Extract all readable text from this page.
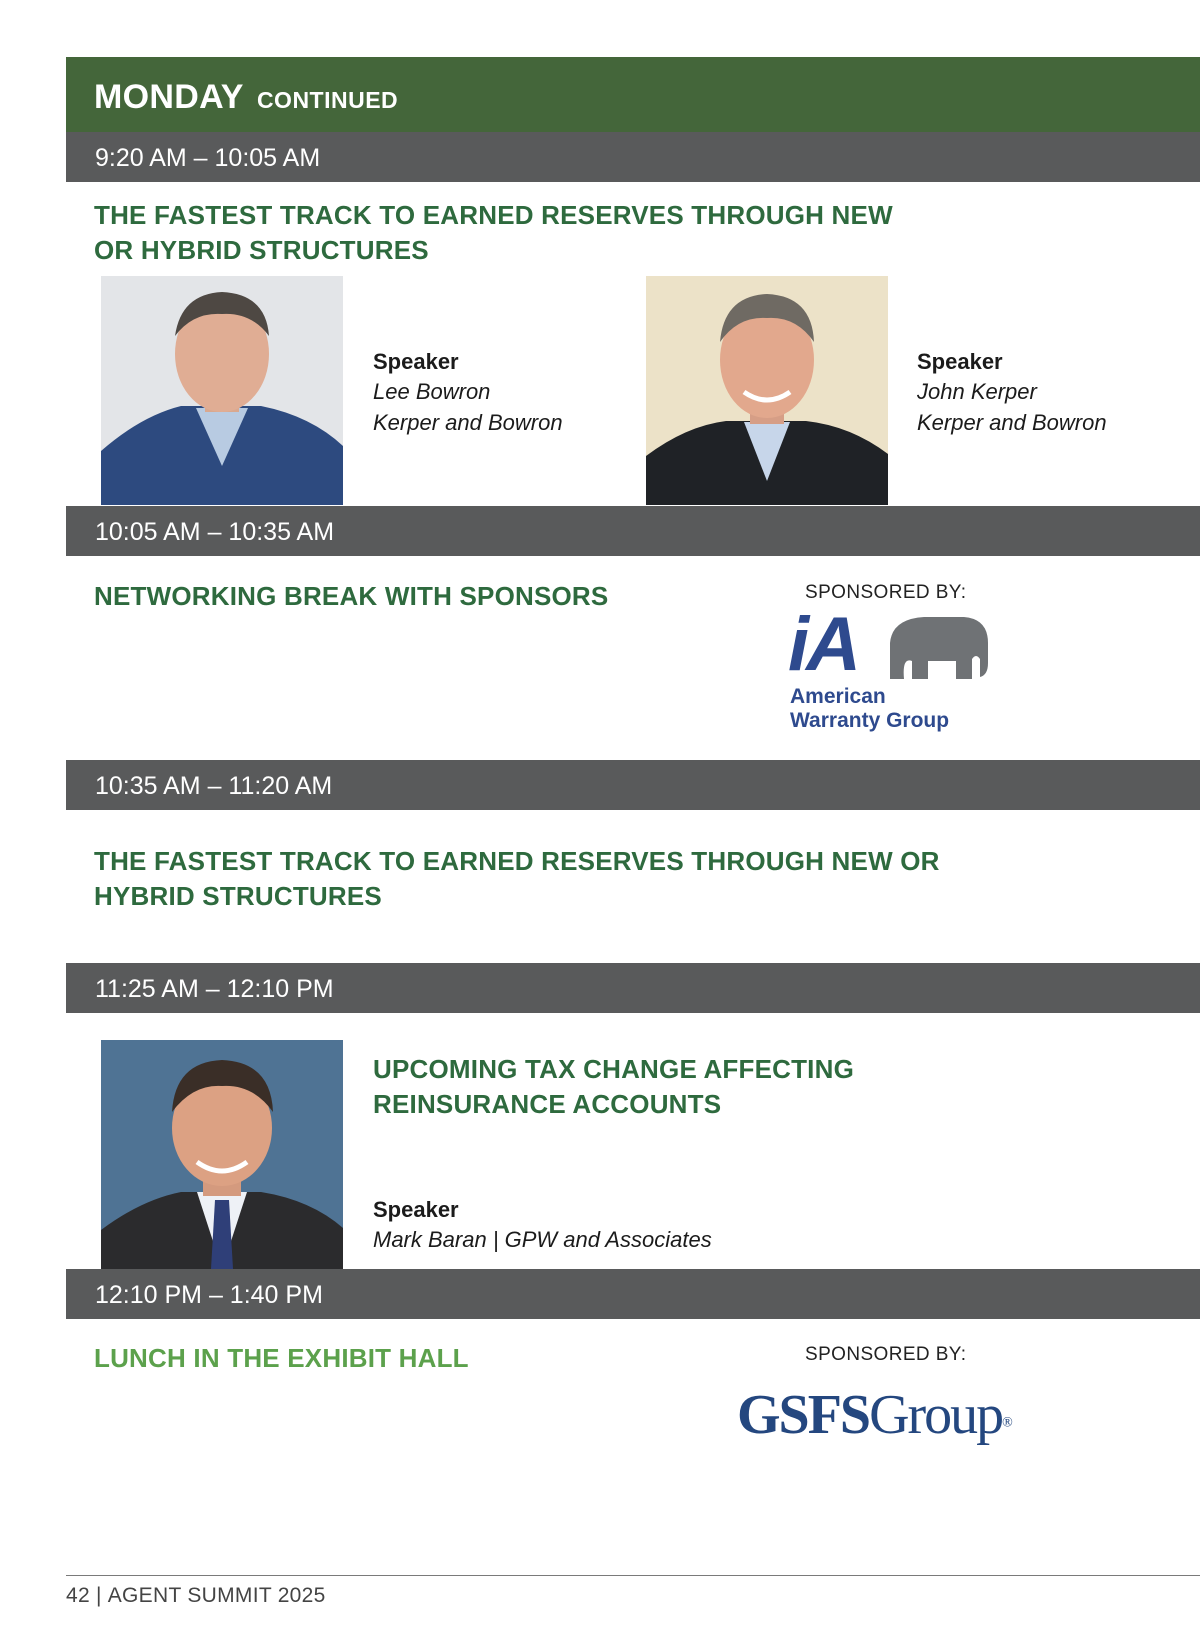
MONDAY CONTINUED
9:20 AM – 10:05 AM
THE FASTEST TRACK TO EARNED RESERVES THROUGH NEW
OR HYBRID STRUCTURES
Speaker
Lee Bowron
Kerper and Bowron
Speaker
John Kerper
Kerper and Bowron
10:05 AM – 10:35 AM
NETWORKING BREAK WITH SPONSORS	SPONSORED BY:
iA
American
Warranty Group
10:35 AM – 11:20 AM
THE FASTEST TRACK TO EARNED RESERVES THROUGH NEW OR
HYBRID STRUCTURES
11:25 AM – 12:10 PM
UPCOMING TAX CHANGE AFFECTING
REINSURANCE ACCOUNTS
Speaker
Mark Baran | GPW and Associates
12:10 PM – 1:40 PM
LUNCH IN THE EXHIBIT HALL	SPONSORED BY:
GSFSGroup®
42 | AGENT SUMMIT 2025
